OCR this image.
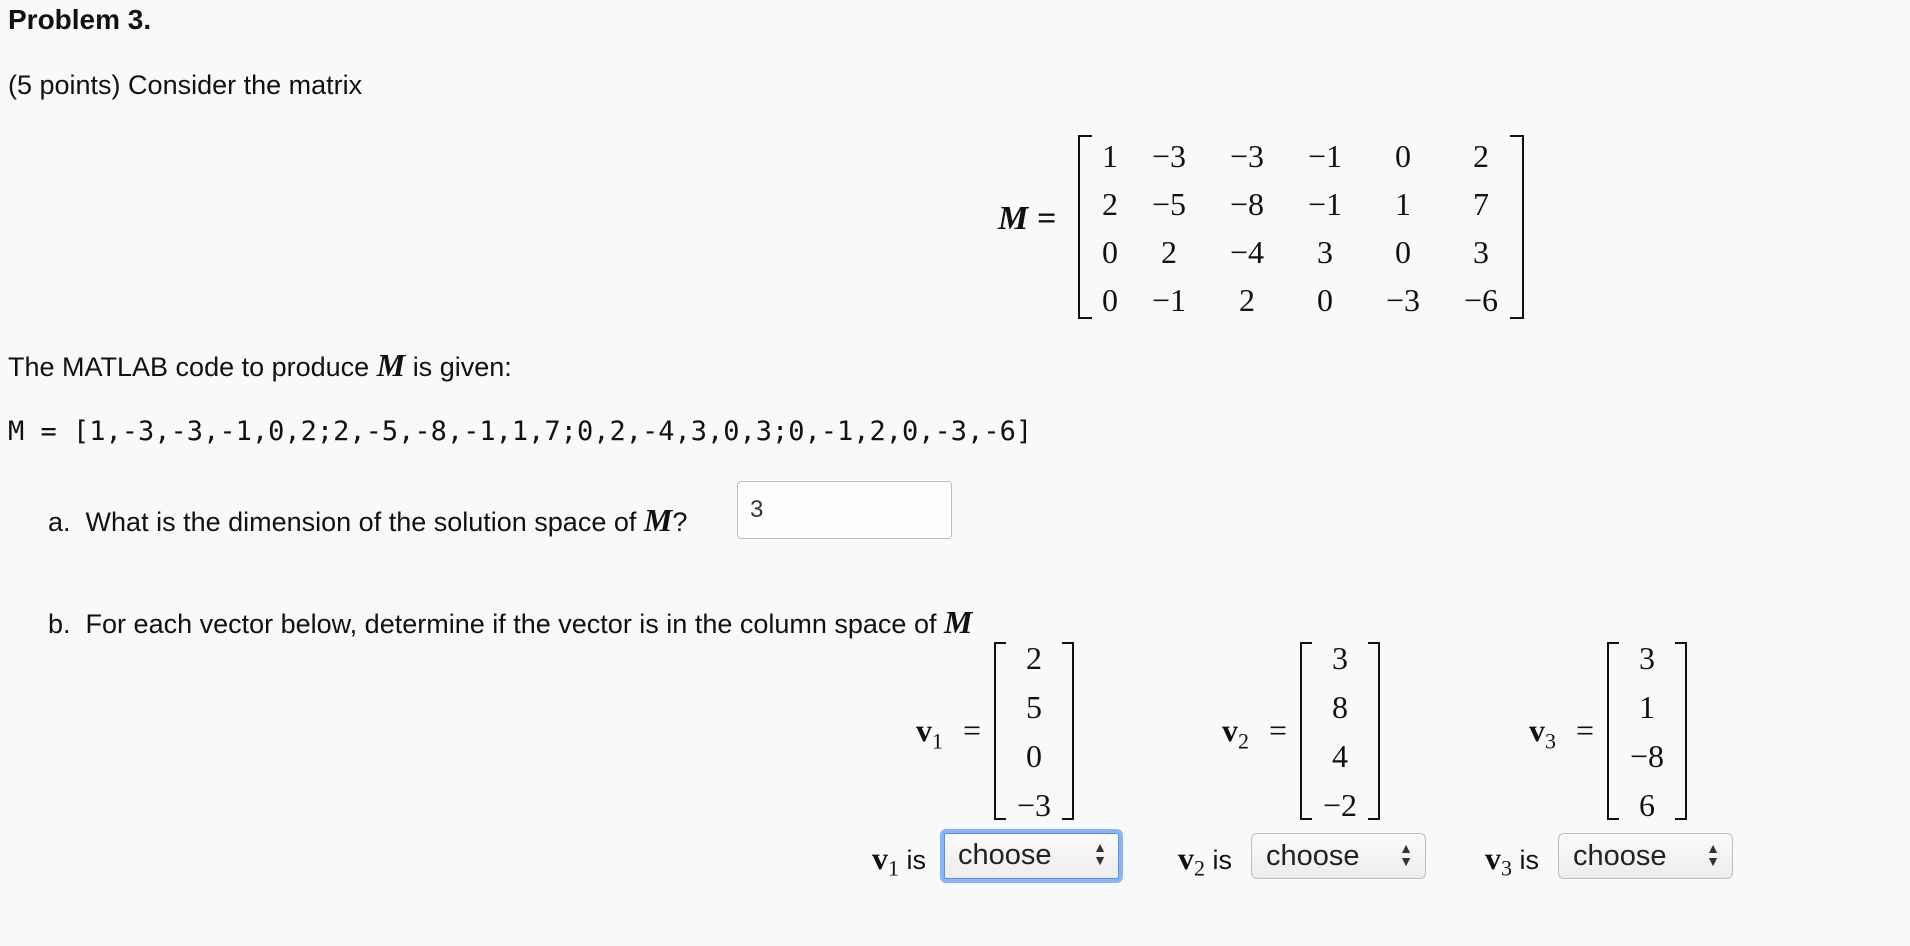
Problem 3.
(5 points) Consider the matrix
M =
1	−3	−3	−1	0	2
2	−5	−8	−1	1	7
0	2	−4	3	0	3
0	−1	2	0	−3	−6
The MATLAB code to produce M is given:
M = [1,-3,-3,-1,0,2;2,-5,-8,-1,1,7;0,2,-4,3,0,3;0,-1,2,0,-3,-6]
a. What is the dimension of the solution space of M?
3
b. For each vector below, determine if the vector is in the column space of M
$v_1$ =
2
5
0
−3
$v_2$ =
3
8
4
−2
$v_3$ =
3
1
−8
6
$v_1$ is	choose	▲
▼ $v_2$ is	choose	▲
▼ $v_3$ is	choose	▲
▼
